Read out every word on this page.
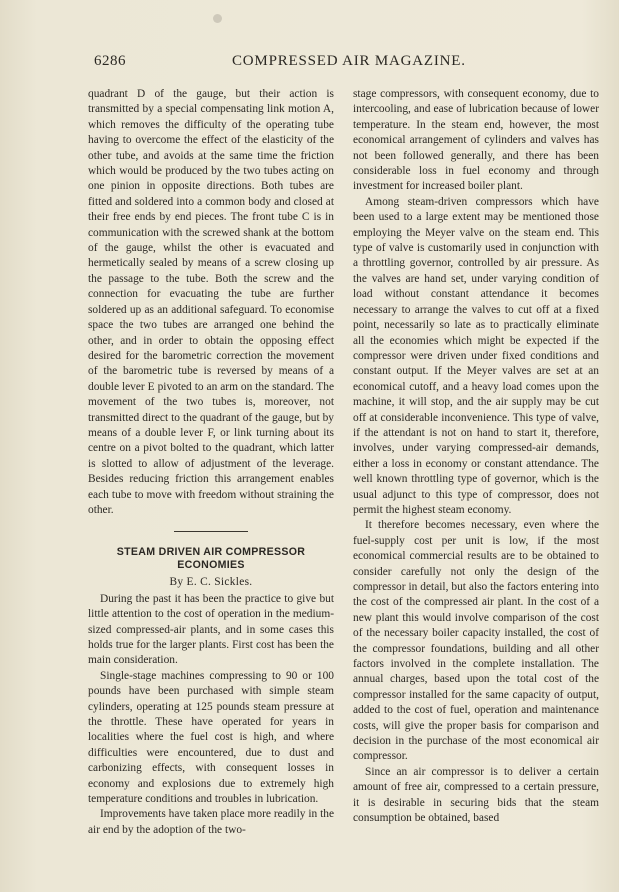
6286	COMPRESSED AIR MAGAZINE.

quadrant D of the gauge, but their action is transmitted by a special compensating link motion A, which removes the difficulty of the operating tube having to overcome the effect of the elasticity of the other tube, and avoids at the same time the friction which would be produced by the two tubes acting on one pinion in opposite directions. Both tubes are fitted and soldered into a common body and closed at their free ends by end pieces. The front tube C is in communication with the screwed shank at the bottom of the gauge, whilst the other is evacuated and hermetically sealed by means of a screw closing up the passage to the tube. Both the screw and the connection for evacuating the tube are further soldered up as an additional safeguard. To economise space the two tubes are arranged one behind the other, and in order to obtain the opposing effect desired for the barometric correction the movement of the barometric tube is reversed by means of a double lever E pivoted to an arm on the standard. The movement of the two tubes is, moreover, not transmitted direct to the quadrant of the gauge, but by means of a double lever F, or link turning about its centre on a pivot bolted to the quadrant, which latter is slotted to allow of adjustment of the leverage. Besides reducing friction this arrangement enables each tube to move with freedom without straining the other.

STEAM DRIVEN AIR COMPRESSOR ECONOMIES
By E. C. Sickles.

During the past it has been the practice to give but little attention to the cost of operation in the medium-sized compressed-air plants, and in some cases this holds true for the larger plants. First cost has been the main consideration.

Single-stage machines compressing to 90 or 100 pounds have been purchased with simple steam cylinders, operating at 125 pounds steam pressure at the throttle. These have operated for years in localities where the fuel cost is high, and where difficulties were encountered, due to dust and carbonizing effects, with consequent losses in economy and explosions due to extremely high temperature conditions and troubles in lubrication.

Improvements have taken place more readily in the air end by the adoption of the two-

stage compressors, with consequent economy, due to intercooling, and ease of lubrication because of lower temperature. In the steam end, however, the most economical arrangement of cylinders and valves has not been followed generally, and there has been considerable loss in fuel economy and through investment for increased boiler plant.

Among steam-driven compressors which have been used to a large extent may be mentioned those employing the Meyer valve on the steam end. This type of valve is customarily used in conjunction with a throttling governor, controlled by air pressure. As the valves are hand set, under varying condition of load without constant attendance it becomes necessary to arrange the valves to cut off at a fixed point, necessarily so late as to practically eliminate all the economies which might be expected if the compressor were driven under fixed conditions and constant output. If the Meyer valves are set at an economical cutoff, and a heavy load comes upon the machine, it will stop, and the air supply may be cut off at considerable inconvenience. This type of valve, if the attendant is not on hand to start it, therefore, involves, under varying compressed-air demands, either a loss in economy or constant attendance. The well known throttling type of governor, which is the usual adjunct to this type of compressor, does not permit the highest steam economy.

It therefore becomes necessary, even where the fuel-supply cost per unit is low, if the most economical commercial results are to be obtained to consider carefully not only the design of the compressor in detail, but also the factors entering into the cost of the compressed air plant. In the cost of a new plant this would involve comparison of the cost of the necessary boiler capacity installed, the cost of the compressor foundations, building and all other factors involved in the complete installation. The annual charges, based upon the total cost of the compressor installed for the same capacity of output, added to the cost of fuel, operation and maintenance costs, will give the proper basis for comparison and decision in the purchase of the most economical air compressor.

Since an air compressor is to deliver a certain amount of free air, compressed to a certain pressure, it is desirable in securing bids that the steam consumption be obtained, based
